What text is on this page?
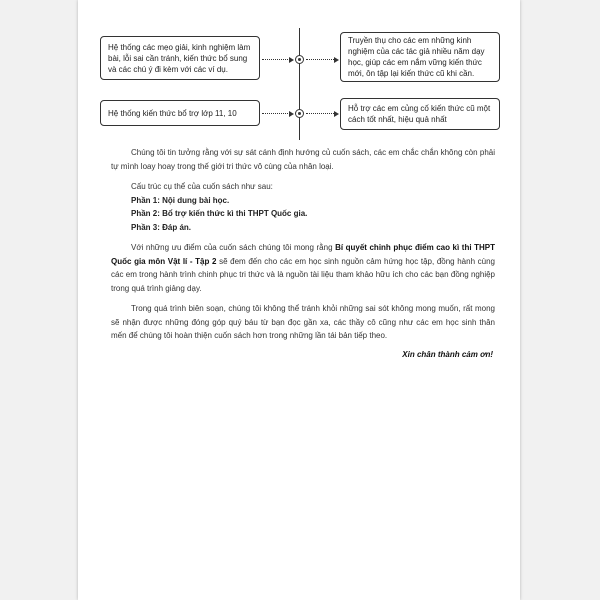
Hệ thống các mẹo giải, kinh nghiệm làm bài, lỗi sai cần tránh, kiến thức bổ sung và các chú ý đi kèm với các ví dụ.
Truyền thụ cho các em những kinh nghiệm của các tác giả nhiều năm dạy học, giúp các em nắm vững kiến thức mới, ôn tập lại kiến thức cũ khi cần.
Hệ thống kiến thức bổ trợ lớp 11, 10	Hỗ trợ các em củng cố kiến thức cũ một cách tốt nhất, hiệu quả nhất

Chúng tôi tin tưởng rằng với sự sát cánh định hướng củ cuốn sách, các em chắc chắn không còn phải tự mình loay hoay trong thế giới tri thức vô cùng của nhân loại.

Cấu trúc cụ thể của cuốn sách như sau:

Phần 1: Nội dung bài học.

Phần 2: Bổ trợ kiến thức kì thi THPT Quốc gia.

Phần 3: Đáp án.

Với những ưu điểm của cuốn sách chúng tôi mong rằng Bí quyết chinh phục điểm cao kì thi THPT Quốc gia môn Vật lí - Tập 2 sẽ đem đến cho các em học sinh nguồn cảm hứng học tập, đồng hành cùng các em trong hành trình chinh phục tri thức và là nguồn tài liệu tham khảo hữu ích cho các bạn đồng nghiệp trong quá trình giảng dạy.

Trong quá trình biên soạn, chúng tôi không thể tránh khỏi những sai sót không mong muốn, rất mong sẽ nhận được những đóng góp quý báu từ bạn đọc gần xa, các thầy cô cũng như các em học sinh thân mến để chúng tôi hoàn thiện cuốn sách hơn trong những lần tái bản tiếp theo.

Xin chân thành cảm ơn!
